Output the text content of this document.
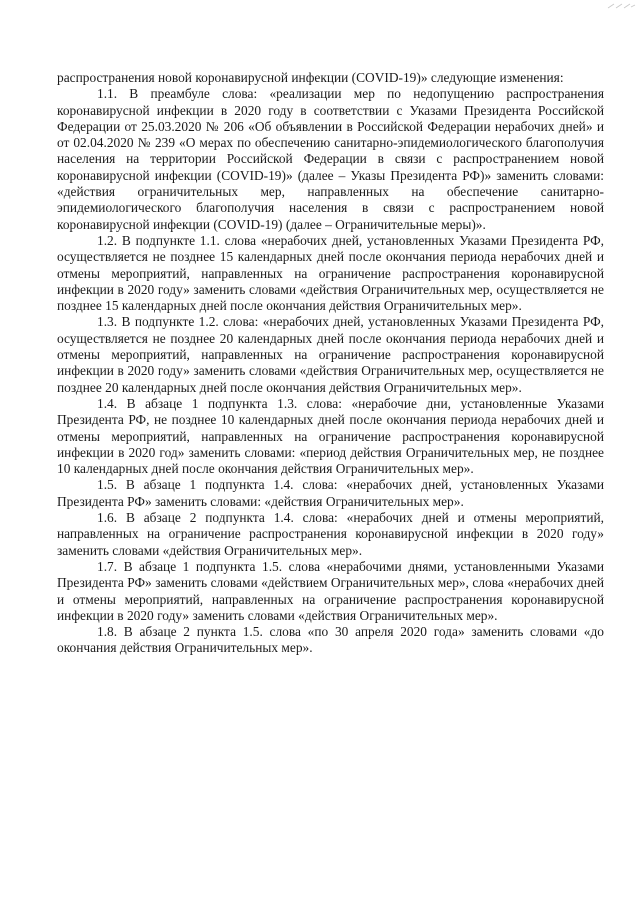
распространения новой коронавирусной инфекции (COVID-19)» следующие изменения:

1.1. В преамбуле слова: «реализации мер по недопущению распространения коронавирусной инфекции в 2020 году в соответствии с Указами Президента Российской Федерации от 25.03.2020 № 206 «Об объявлении в Российской Федерации нерабочих дней» и от 02.04.2020 № 239 «О мерах по обеспечению санитарно-эпидемиологического благополучия населения на территории Российской Федерации в связи с распространением новой коронавирусной инфекции (COVID-19)» (далее – Указы Президента РФ)» заменить словами: «действия ограничительных мер, направленных на обеспечение санитарно-эпидемиологического благополучия населения в связи с распространением новой коронавирусной инфекции (COVID-19) (далее – Ограничительные меры)».

1.2. В подпункте 1.1. слова «нерабочих дней, установленных Указами Президента РФ, осуществляется не позднее 15 календарных дней после окончания периода нерабочих дней и отмены мероприятий, направленных на ограничение распространения коронавирусной инфекции в 2020 году» заменить словами «действия Ограничительных мер, осуществляется не позднее 15 календарных дней после окончания действия Ограничительных мер».

1.3. В подпункте 1.2. слова: «нерабочих дней, установленных Указами Президента РФ, осуществляется не позднее 20 календарных дней после окончания периода нерабочих дней и отмены мероприятий, направленных на ограничение распространения коронавирусной инфекции в 2020 году» заменить словами «действия Ограничительных мер, осуществляется не позднее 20 календарных дней после окончания действия Ограничительных мер».

1.4. В абзаце 1 подпункта 1.3. слова: «нерабочие дни, установленные Указами Президента РФ, не позднее 10 календарных дней после окончания периода нерабочих дней и отмены мероприятий, направленных на ограничение распространения коронавирусной инфекции в 2020 год» заменить словами: «период действия Ограничительных мер, не позднее 10 календарных дней после окончания действия Ограничительных мер».

1.5. В абзаце 1 подпункта 1.4. слова: «нерабочих дней, установленных Указами Президента РФ» заменить словами: «действия Ограничительных мер».

1.6. В абзаце 2 подпункта 1.4. слова: «нерабочих дней и отмены мероприятий, направленных на ограничение распространения коронавирусной инфекции в 2020 году» заменить словами «действия Ограничительных мер».

1.7. В абзаце 1 подпункта 1.5. слова «нерабочими днями, установленными Указами Президента РФ» заменить словами «действием Ограничительных мер», слова «нерабочих дней и отмены мероприятий, направленных на ограничение распространения коронавирусной инфекции в 2020 году» заменить словами «действия Ограничительных мер».

1.8. В абзаце 2 пункта 1.5. слова «по 30 апреля 2020 года» заменить словами «до окончания действия Ограничительных мер».
